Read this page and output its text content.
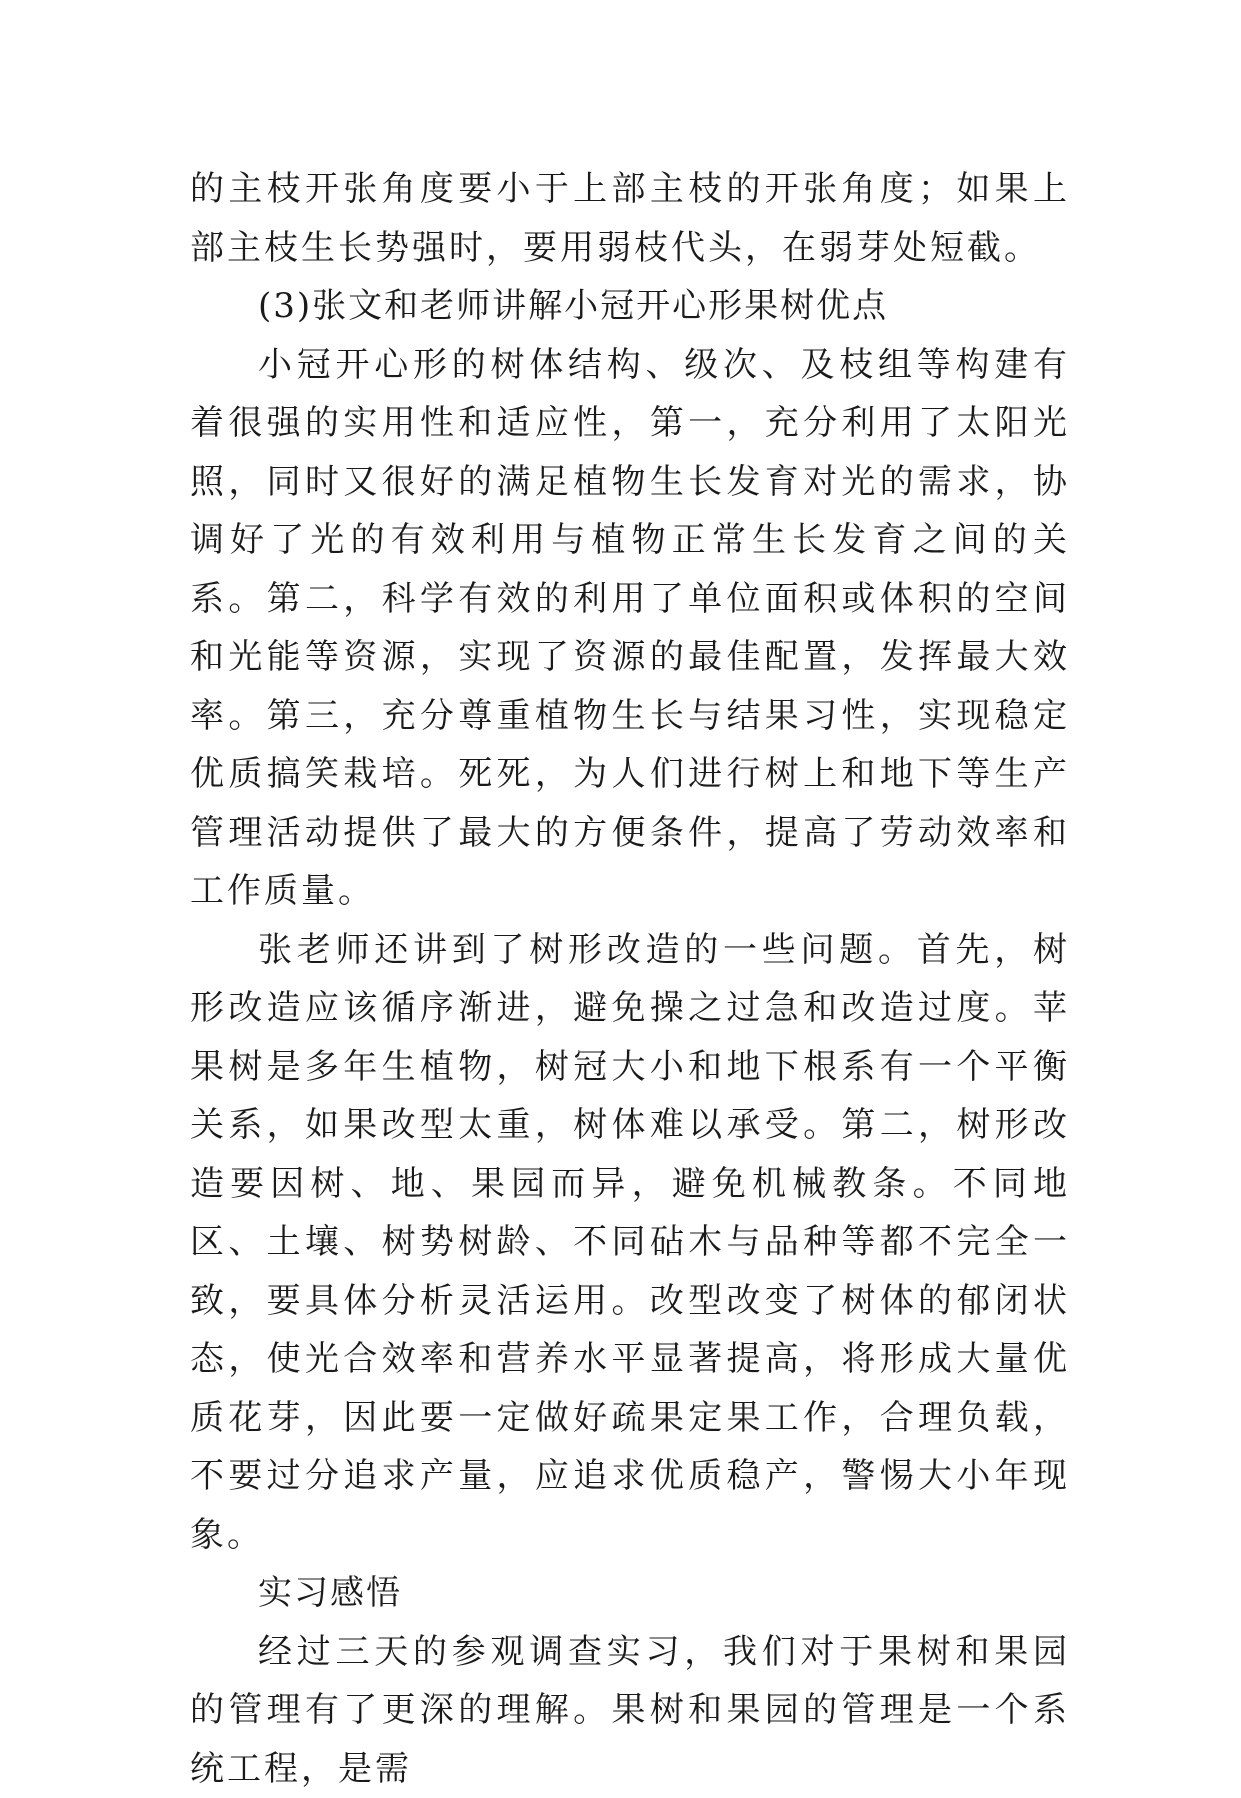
的主枝开张角度要小于上部主枝的开张角度；如果上部主枝生长势强时，要用弱枝代头，在弱芽处短截。

(3)张文和老师讲解小冠开心形果树优点

小冠开心形的树体结构、级次、及枝组等构建有着很强的实用性和适应性，第一，充分利用了太阳光照，同时又很好的满足植物生长发育对光的需求，协调好了光的有效利用与植物正常生长发育之间的关系。第二，科学有效的利用了单位面积或体积的空间和光能等资源，实现了资源的最佳配置，发挥最大效率。第三，充分尊重植物生长与结果习性，实现稳定优质搞笑栽培。死死，为人们进行树上和地下等生产管理活动提供了最大的方便条件，提高了劳动效率和工作质量。

张老师还讲到了树形改造的一些问题。首先，树形改造应该循序渐进，避免操之过急和改造过度。苹果树是多年生植物，树冠大小和地下根系有一个平衡关系，如果改型太重，树体难以承受。第二，树形改造要因树、地、果园而异，避免机械教条。不同地区、土壤、树势树龄、不同砧木与品种等都不完全一致，要具体分析灵活运用。改型改变了树体的郁闭状态，使光合效率和营养水平显著提高，将形成大量优质花芽，因此要一定做好疏果定果工作，合理负载，不要过分追求产量，应追求优质稳产，警惕大小年现象。

实习感悟

经过三天的参观调查实习，我们对于果树和果园的管理有了更深的理解。果树和果园的管理是一个系统工程，是需
